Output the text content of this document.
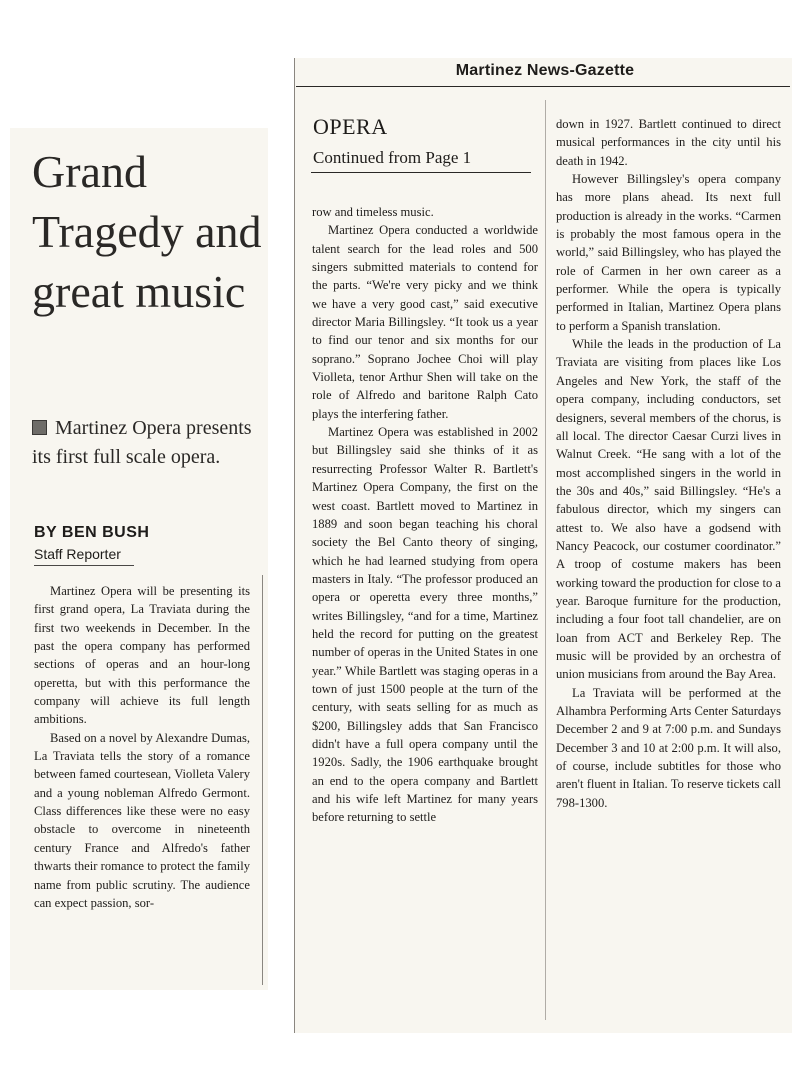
Martinez News-Gazette
Grand Tragedy and great music
Martinez Opera presents its first full scale opera.
BY BEN BUSH
Staff Reporter
OPERA
Continued from Page 1

Martinez Opera will be presenting its first grand opera, La Traviata during the first two weekends in December. In the past the opera company has performed sections of operas and an hour-long operetta, but with this performance the company will achieve its full length ambitions.

Based on a novel by Alexandre Dumas, La Traviata tells the story of a romance between famed courtesean, Violleta Valery and a young nobleman Alfredo Germont. Class differences like these were no easy obstacle to overcome in nineteenth century France and Alfredo's father thwarts their romance to protect the family name from public scrutiny. The audience can expect passion, sor-

row and timeless music.

Martinez Opera conducted a worldwide talent search for the lead roles and 500 singers submitted materials to contend for the parts. “We're very picky and we think we have a very good cast,” said executive director Maria Billingsley. “It took us a year to find our tenor and six months for our soprano.” Soprano Jochee Choi will play Violleta, tenor Arthur Shen will take on the role of Alfredo and baritone Ralph Cato plays the interfering father.

Martinez Opera was established in 2002 but Billingsley said she thinks of it as resurrecting Professor Walter R. Bartlett's Martinez Opera Company, the first on the west coast. Bartlett moved to Martinez in 1889 and soon began teaching his choral society the Bel Canto theory of singing, which he had learned studying from opera masters in Italy. “The professor produced an opera or operetta every three months,” writes Billingsley, “and for a time, Martinez held the record for putting on the greatest number of operas in the United States in one year.” While Bartlett was staging operas in a town of just 1500 people at the turn of the century, with seats selling for as much as $200, Billingsley adds that San Francisco didn't have a full opera company until the 1920s. Sadly, the 1906 earthquake brought an end to the opera company and Bartlett and his wife left Martinez for many years before returning to settle

down in 1927. Bartlett continued to direct musical performances in the city until his death in 1942.

However Billingsley's opera company has more plans ahead. Its next full production is already in the works. “Carmen is probably the most famous opera in the world,” said Billingsley, who has played the role of Carmen in her own career as a performer. While the opera is typically performed in Italian, Martinez Opera plans to perform a Spanish translation.

While the leads in the production of La Traviata are visiting from places like Los Angeles and New York, the staff of the opera company, including conductors, set designers, several members of the chorus, is all local. The director Caesar Curzi lives in Walnut Creek. “He sang with a lot of the most accomplished singers in the world in the 30s and 40s,” said Billingsley. “He's a fabulous director, which my singers can attest to. We also have a godsend with Nancy Peacock, our costumer coordinator.” A troop of costume makers has been working toward the production for close to a year. Baroque furniture for the production, including a four foot tall chandelier, are on loan from ACT and Berkeley Rep. The music will be provided by an orchestra of union musicians from around the Bay Area.

La Traviata will be performed at the Alhambra Performing Arts Center Saturdays December 2 and 9 at 7:00 p.m. and Sundays December 3 and 10 at 2:00 p.m. It will also, of course, include subtitles for those who aren't fluent in Italian. To reserve tickets call 798-1300.
